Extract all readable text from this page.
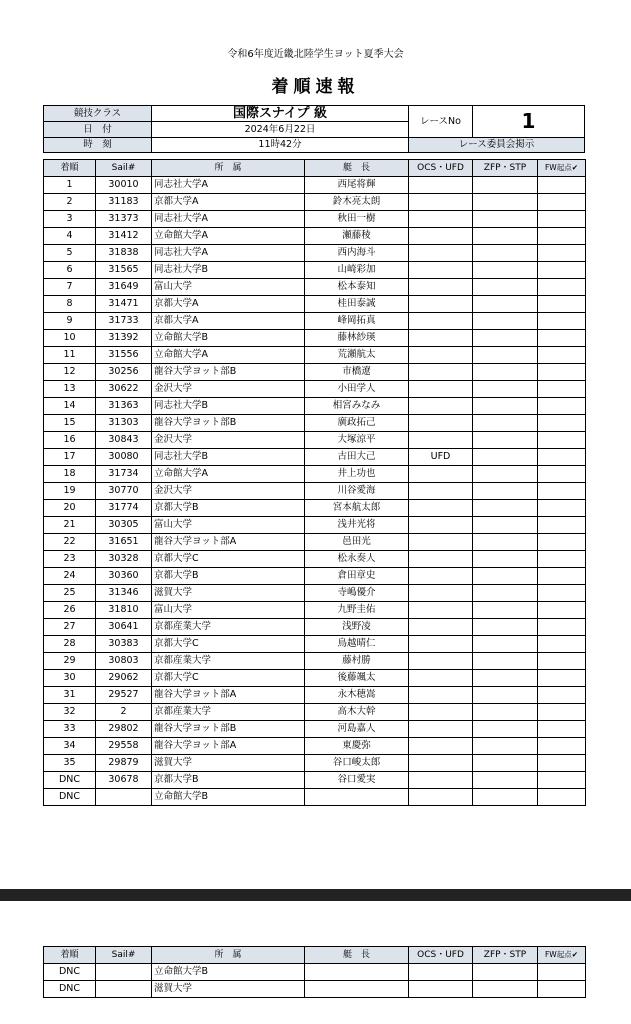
令和6年度近畿北陸学生ヨット夏季大会
着順速報
競技クラス	国際スナイプ 級
レースNo	1
日　付	2024年6月22日
時　刻	11時42分	レース委員会掲示
着順	Sail#	所　属	艇　長	OCS・UFD	ZFP・STP	FW起点✔
1	30010	同志社大学A	西尾将輝			
2	31183	京都大学A	鈴木亮太朗			
3	31373	同志社大学A	秋田一樹			
4	31412	立命館大学A	瀬藤稜			
5	31838	同志社大学A	西内海斗			
6	31565	同志社大学B	山崎彩加			
7	31649	富山大学	松本泰知			
8	31471	京都大学A	桂田泰誠			
9	31733	京都大学A	峰岡拓真			
10	31392	立命館大学B	藤林紗瑛			
11	31556	立命館大学A	荒瀬航太			
12	30256	龍谷大学ヨット部B	市橋遼			
13	30622	金沢大学	小田学人			
14	31363	同志社大学B	相宮みなみ			
15	31303	龍谷大学ヨット部B	廣政拓己			
16	30843	金沢大学	大塚涼平			
17	30080	同志社大学B	古田大己	UFD		
18	31734	立命館大学A	井上功也			
19	30770	金沢大学	川谷愛海			
20	31774	京都大学B	宮本航太郎			
21	30305	富山大学	浅井光将			
22	31651	龍谷大学ヨット部A	邑田光			
23	30328	京都大学C	松永奏人			
24	30360	京都大学B	倉田章史			
25	31346	滋賀大学	寺嶋優介			
26	31810	富山大学	九野圭佑			
27	30641	京都産業大学	浅野凌			
28	30383	京都大学C	鳥越晴仁			
29	30803	京都産業大学	藤村勝			
30	29062	京都大学C	後藤颯太			
31	29527	龍谷大学ヨット部A	永木穂嵩			
32	2	京都産業大学	高木大幹			
33	29802	龍谷大学ヨット部B	河島嘉人			
34	29558	龍谷大学ヨット部A	東慶弥			
35	29879	滋賀大学	谷口峻太郎			
DNC	30678	京都大学B	谷口愛実			
DNC		立命館大学B				
着順	Sail#	所　属	艇　長	OCS・UFD	ZFP・STP	FW起点✔
DNC		立命館大学B				
DNC		滋賀大学				
